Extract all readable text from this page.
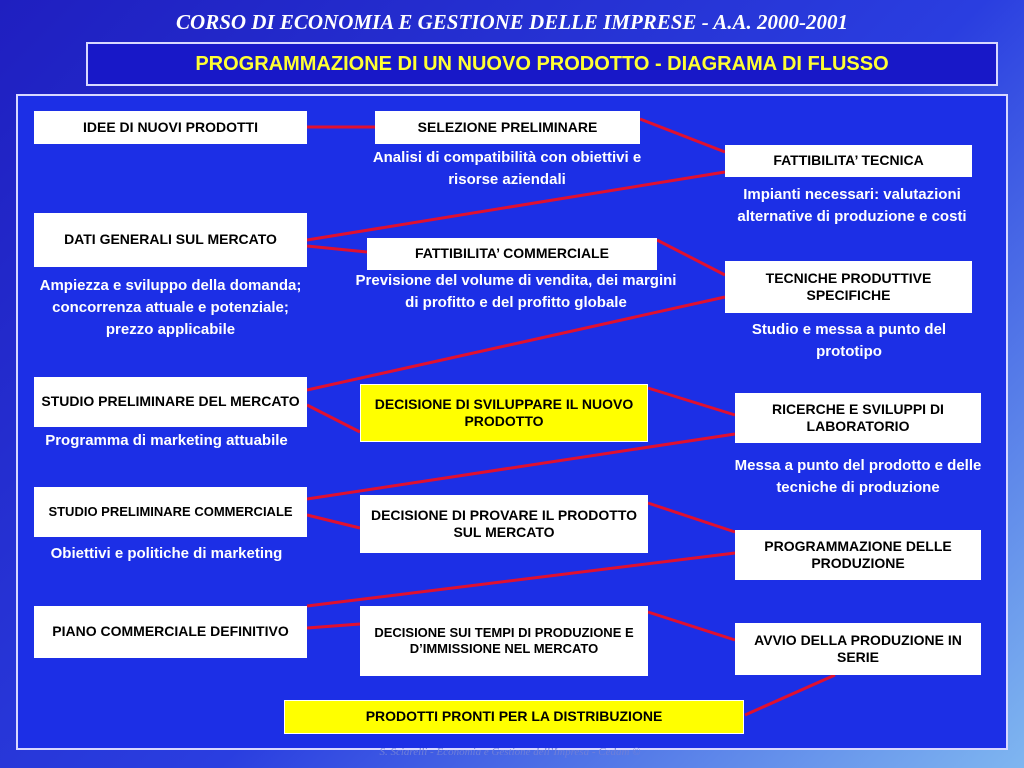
CORSO DI ECONOMIA E GESTIONE DELLE IMPRESE - A.A. 2000-2001
PROGRAMMAZIONE DI UN NUOVO PRODOTTO - DIAGRAMA DI FLUSSO
IDEE DI NUOVI PRODOTTI
DATI GENERALI SUL MERCATO
Ampiezza e sviluppo della domanda; concorrenza attuale e potenziale; prezzo applicabile
STUDIO PRELIMINARE DEL MERCATO
Programma di marketing attuabile
STUDIO PRELIMINARE COMMERCIALE
Obiettivi e politiche di marketing
PIANO COMMERCIALE DEFINITIVO
SELEZIONE PRELIMINARE
Analisi di compatibilità con obiettivi e risorse aziendali
FATTIBILITA’ COMMERCIALE
Previsione del volume di vendita, dei margini di profitto e del profitto globale
DECISIONE DI SVILUPPARE IL NUOVO PRODOTTO
DECISIONE DI PROVARE IL PRODOTTO SUL MERCATO
DECISIONE SUI TEMPI DI PRODUZIONE E D’IMMISSIONE NEL MERCATO
FATTIBILITA’ TECNICA
Impianti necessari: valutazioni alternative di produzione e costi
TECNICHE PRODUTTIVE SPECIFICHE
Studio e messa a punto del prototipo
RICERCHE E SVILUPPI DI LABORATORIO
Messa a punto del prodotto e delle tecniche di produzione
PROGRAMMAZIONE DELLE PRODUZIONE
AVVIO DELLA PRODUZIONE IN SERIE
PRODOTTI PRONTI PER LA DISTRIBUZIONE
S. Sciarelli - Economia e Gestione dell’Impresa - Cedam ©
